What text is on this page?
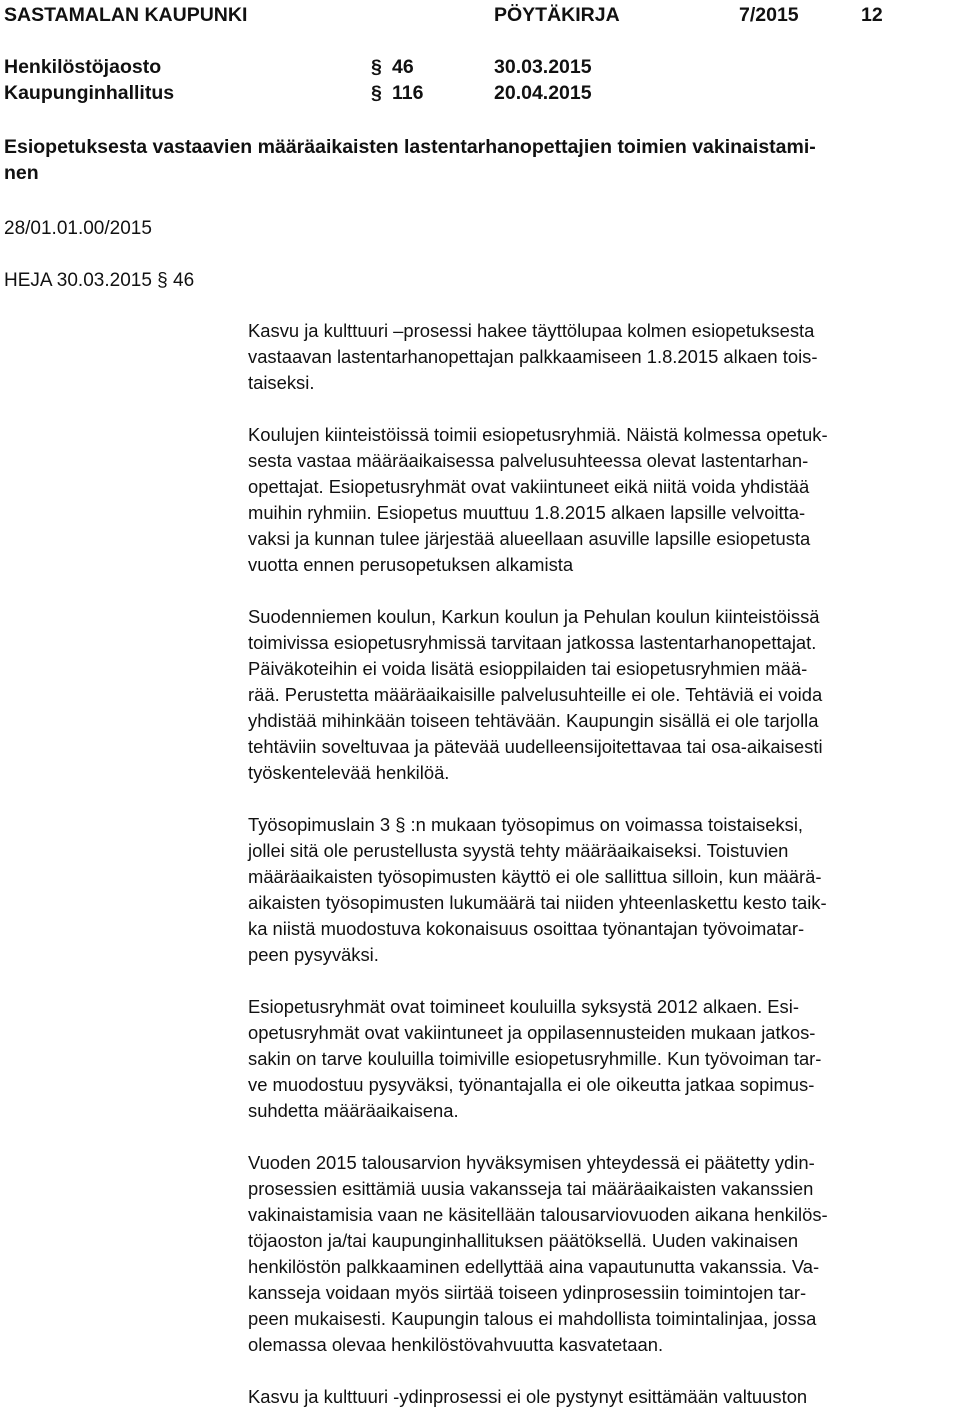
SASTAMALAN KAUPUNKI	PÖYTÄKIRJA	7/2015	12
Henkilöstöjaosto	§ 46	30.03.2015
Kaupunginhallitus	§ 116	20.04.2015
Esiopetuksesta vastaavien määräaikaisten lastentarhanopettajien toimien vakinaistami-
nen
28/01.01.00/2015
HEJA 30.03.2015 § 46
Kasvu ja kulttuuri –prosessi hakee täyttölupaa kolmen esiopetuksesta
vastaavan lastentarhanopettajan palkkaamiseen 1.8.2015 alkaen tois-
taiseksi.
Koulujen kiinteistöissä toimii esiopetusryhmiä. Näistä kolmessa opetuk-
sesta vastaa määräaikaisessa palvelusuhteessa olevat lastentarhan-
opettajat. Esiopetusryhmät ovat vakiintuneet eikä niitä voida yhdistää
muihin ryhmiin. Esiopetus muuttuu 1.8.2015 alkaen lapsille velvoitta-
vaksi ja kunnan tulee järjestää alueellaan asuville lapsille esiopetusta
vuotta ennen perusopetuksen alkamista
Suodenniemen koulun, Karkun koulun ja Pehulan koulun kiinteistöissä
toimivissa esiopetusryhmissä tarvitaan jatkossa lastentarhanopettajat.
Päiväkoteihin ei voida lisätä esioppilaiden tai esiopetusryhmien mää-
rää. Perustetta määräaikaisille palvelusuhteille ei ole. Tehtäviä ei voida
yhdistää mihinkään toiseen tehtävään. Kaupungin sisällä ei ole tarjolla
tehtäviin soveltuvaa ja pätevää uudelleensijoitettavaa tai osa-aikaisesti
työskentelevää henkilöä.
Työsopimuslain 3 § :n mukaan työsopimus on voimassa toistaiseksi,
jollei sitä ole perustellusta syystä tehty määräaikaiseksi. Toistuvien
määräaikaisten työsopimusten käyttö ei ole sallittua silloin, kun määrä-
aikaisten työsopimusten lukumäärä tai niiden yhteenlaskettu kesto taik-
ka niistä muodostuva kokonaisuus osoittaa työnantajan työvoimatar-
peen pysyväksi.
Esiopetusryhmät ovat toimineet kouluilla syksystä 2012 alkaen. Esi-
opetusryhmät ovat vakiintuneet ja oppilasennusteiden mukaan jatkos-
sakin on tarve kouluilla toimiville esiopetusryhmille. Kun työvoiman tar-
ve muodostuu pysyväksi, työnantajalla ei ole oikeutta jatkaa sopimus-
suhdetta määräaikaisena.
Vuoden 2015 talousarvion hyväksymisen yhteydessä ei päätetty ydin-
prosessien esittämiä uusia vakansseja tai määräaikaisten vakanssien
vakinaistamisia vaan ne käsitellään talousarviovuoden aikana henkilös-
töjaoston ja/tai kaupunginhallituksen päätöksellä. Uuden vakinaisen
henkilöstön palkkaaminen edellyttää aina vapautunutta vakanssia. Va-
kansseja voidaan myös siirtää toiseen ydinprosessiin toimintojen tar-
peen mukaisesti. Kaupungin talous ei mahdollista toimintalinjaa, jossa
olemassa olevaa henkilöstövahvuutta kasvatetaan.
Kasvu ja kulttuuri -ydinprosessi ei ole pystynyt esittämään valtuuston
